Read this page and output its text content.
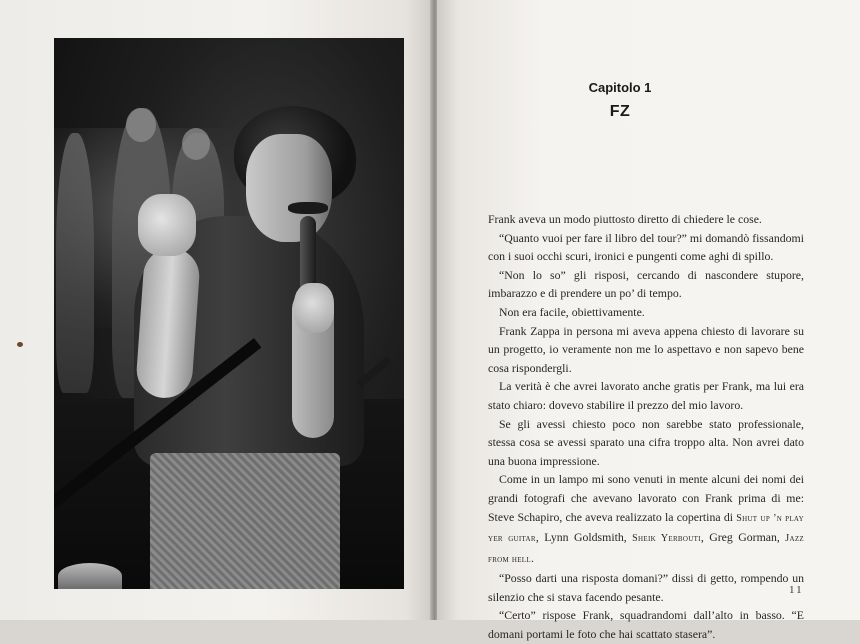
Capitolo 1
FZ

Frank aveva un modo piuttosto diretto di chiedere le cose.

“Quanto vuoi per fare il libro del tour?” mi domandò fissandomi con i suoi occhi scuri, ironici e pungenti come aghi di spillo.

“Non lo so” gli risposi, cercando di nascondere stupore, imbarazzo e di prendere un po’ di tempo.

Non era facile, obiettivamente.

Frank Zappa in persona mi aveva appena chiesto di lavorare su un progetto, io veramente non me lo aspettavo e non sapevo bene cosa rispondergli.

La verità è che avrei lavorato anche gratis per Frank, ma lui era stato chiaro: dovevo stabilire il prezzo del mio lavoro.

Se gli avessi chiesto poco non sarebbe stato professionale, stessa cosa se avessi sparato una cifra troppo alta. Non avrei dato una buona impressione.

Come in un lampo mi sono venuti in mente alcuni dei nomi dei grandi fotografi che avevano lavorato con Frank prima di me: Steve Schapiro, che aveva realizzato la copertina di Shut up ’n play yer guitar, Lynn Goldsmith, Sheik Yerbouti, Greg Gorman, Jazz from hell.

“Posso darti una risposta domani?” dissi di getto, rompendo un silenzio che si stava facendo pesante.

“Certo” rispose Frank, squadrandomi dall’alto in basso. “E domani portami le foto che hai scattato stasera”.

11
